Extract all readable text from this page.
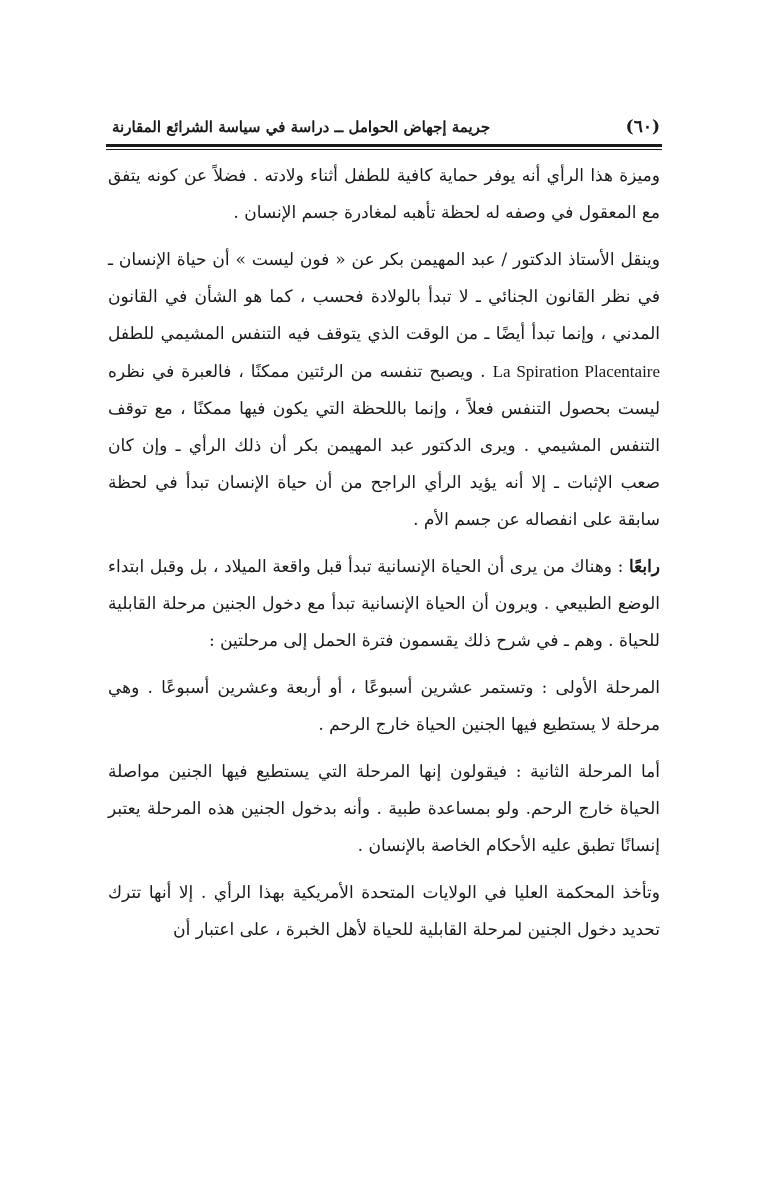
جريمة إجهاض الحوامل ــ دراسة في سياسة الشرائع المقارنة	(٦٠)

وميزة هذا الرأي أنه يوفر حماية كافية للطفل أثناء ولادته . فضلاً عن كونه يتفق مع المعقول في وصفه له لحظة تأهبه لمغادرة جسم الإنسان .

وينقل الأستاذ الدكتور / عبد المهيمن بكر عن « فون ليست » أن حياة الإنسان ـ في نظر القانون الجنائي ـ لا تبدأ بالولادة فحسب ، كما هو الشأن في القانون المدني ، وإنما تبدأ أيضًا ـ من الوقت الذي يتوقف فيه التنفس المشيمي للطفل La Spiration Placentaire . ويصبح تنفسه من الرئتين ممكنًا ، فالعبرة في نظره ليست بحصول التنفس فعلاً ، وإنما باللحظة التي يكون فيها ممكنًا ، مع توقف التنفس المشيمي . ويرى الدكتور عبد المهيمن بكر أن ذلك الرأي ـ وإن كان صعب الإثبات ـ إلا أنه يؤيد الرأي الراجح من أن حياة الإنسان تبدأ في لحظة سابقة على انفصاله عن جسم الأم .

رابعًا : وهناك من يرى أن الحياة الإنسانية تبدأ قبل واقعة الميلاد ، بل وقبل ابتداء الوضع الطبيعي . ويرون أن الحياة الإنسانية تبدأ مع دخول الجنين مرحلة القابلية للحياة . وهم ـ في شرح ذلك يقسمون فترة الحمل إلى مرحلتين :

المرحلة الأولى : وتستمر عشرين أسبوعًا ، أو أربعة وعشرين أسبوعًا . وهي مرحلة لا يستطيع فيها الجنين الحياة خارج الرحم .

أما المرحلة الثانية : فيقولون إنها المرحلة التي يستطيع فيها الجنين مواصلة الحياة خارج الرحم. ولو بمساعدة طبية . وأنه بدخول الجنين هذه المرحلة يعتبر إنسانًا تطبق عليه الأحكام الخاصة بالإنسان .

وتأخذ المحكمة العليا في الولايات المتحدة الأمريكية بهذا الرأي . إلا أنها تترك تحديد دخول الجنين لمرحلة القابلية للحياة لأهل الخبرة ، على اعتبار أن
